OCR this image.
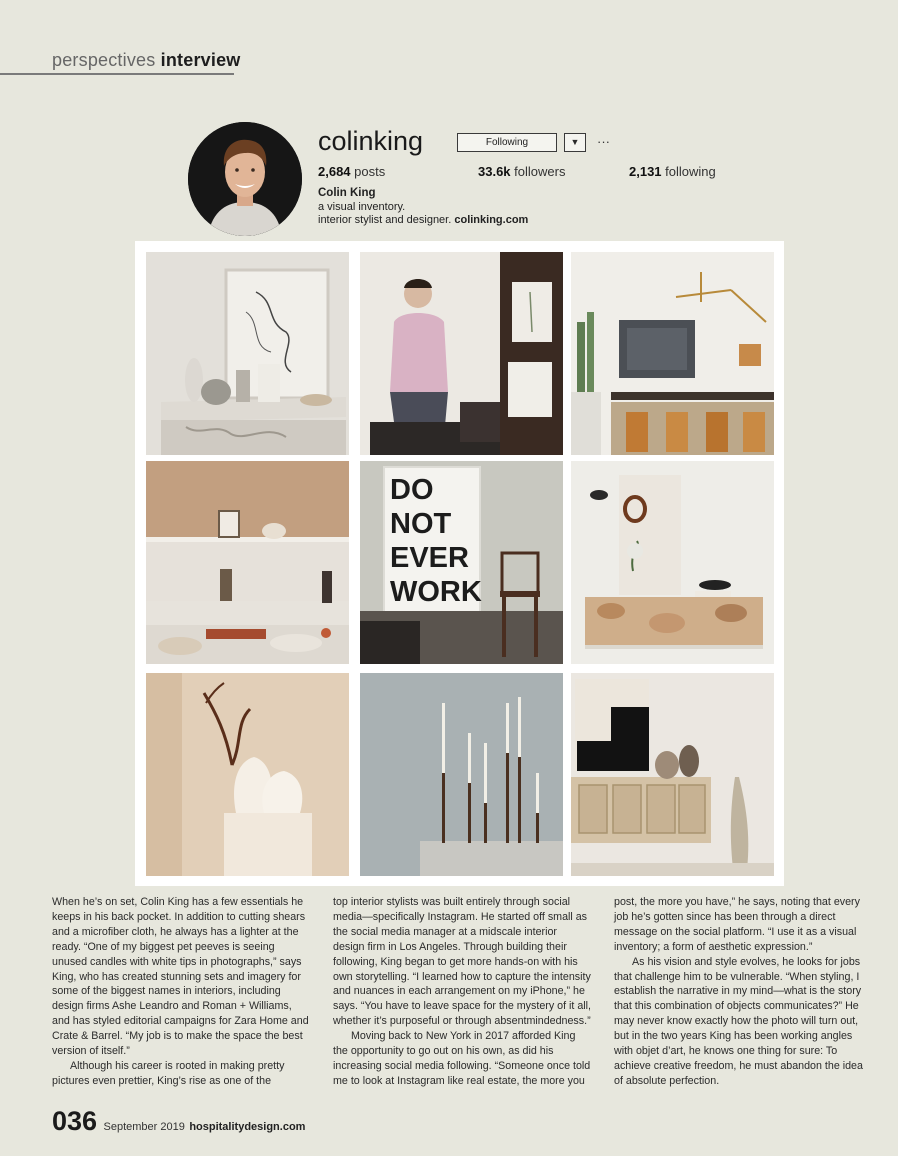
perspectives interview
colinking	Following	▼	···
2,684 posts	33.6k followers	2,131 following
Colin King
a visual inventory.
interior stylist and designer. colinking.com
DO
NOT
EVER
WORK

When he’s on set, Colin King has a few essentials he keeps in his back pocket. In addition to cutting shears and a microfiber cloth, he always has a lighter at the ready. “One of my biggest pet peeves is seeing unused candles with white tips in photographs,” says King, who has created stunning sets and imagery for some of the biggest names in interiors, including design firms Ashe Leandro and Roman + Williams, and has styled editorial campaigns for Zara Home and Crate & Barrel. “My job is to make the space the best version of itself.”

Although his career is rooted in making pretty pictures even prettier, King’s rise as one of the

top interior stylists was built entirely through social media—specifically Instagram. He started off small as the social media manager at a midscale interior design firm in Los Angeles. Through building their following, King began to get more hands-on with his own storytelling. “I learned how to capture the intensity and nuances in each arrangement on my iPhone,” he says. “You have to leave space for the mystery of it all, whether it’s purposeful or through absentmindedness.”

Moving back to New York in 2017 afforded King the opportunity to go out on his own, as did his increasing social media following. “Someone once told me to look at Instagram like real estate, the more you

post, the more you have,” he says, noting that every job he’s gotten since has been through a direct message on the social platform. “I use it as a visual inventory; a form of aesthetic expression.”

As his vision and style evolves, he looks for jobs that challenge him to be vulnerable. “When styling, I establish the narrative in my mind—what is the story that this combination of objects communicates?” He may never know exactly how the photo will turn out, but in the two years King has been working angles with objet d’art, he knows one thing for sure: To achieve creative freedom, he must abandon the idea of absolute perfection.

036 September 2019 hospitalitydesign.com
